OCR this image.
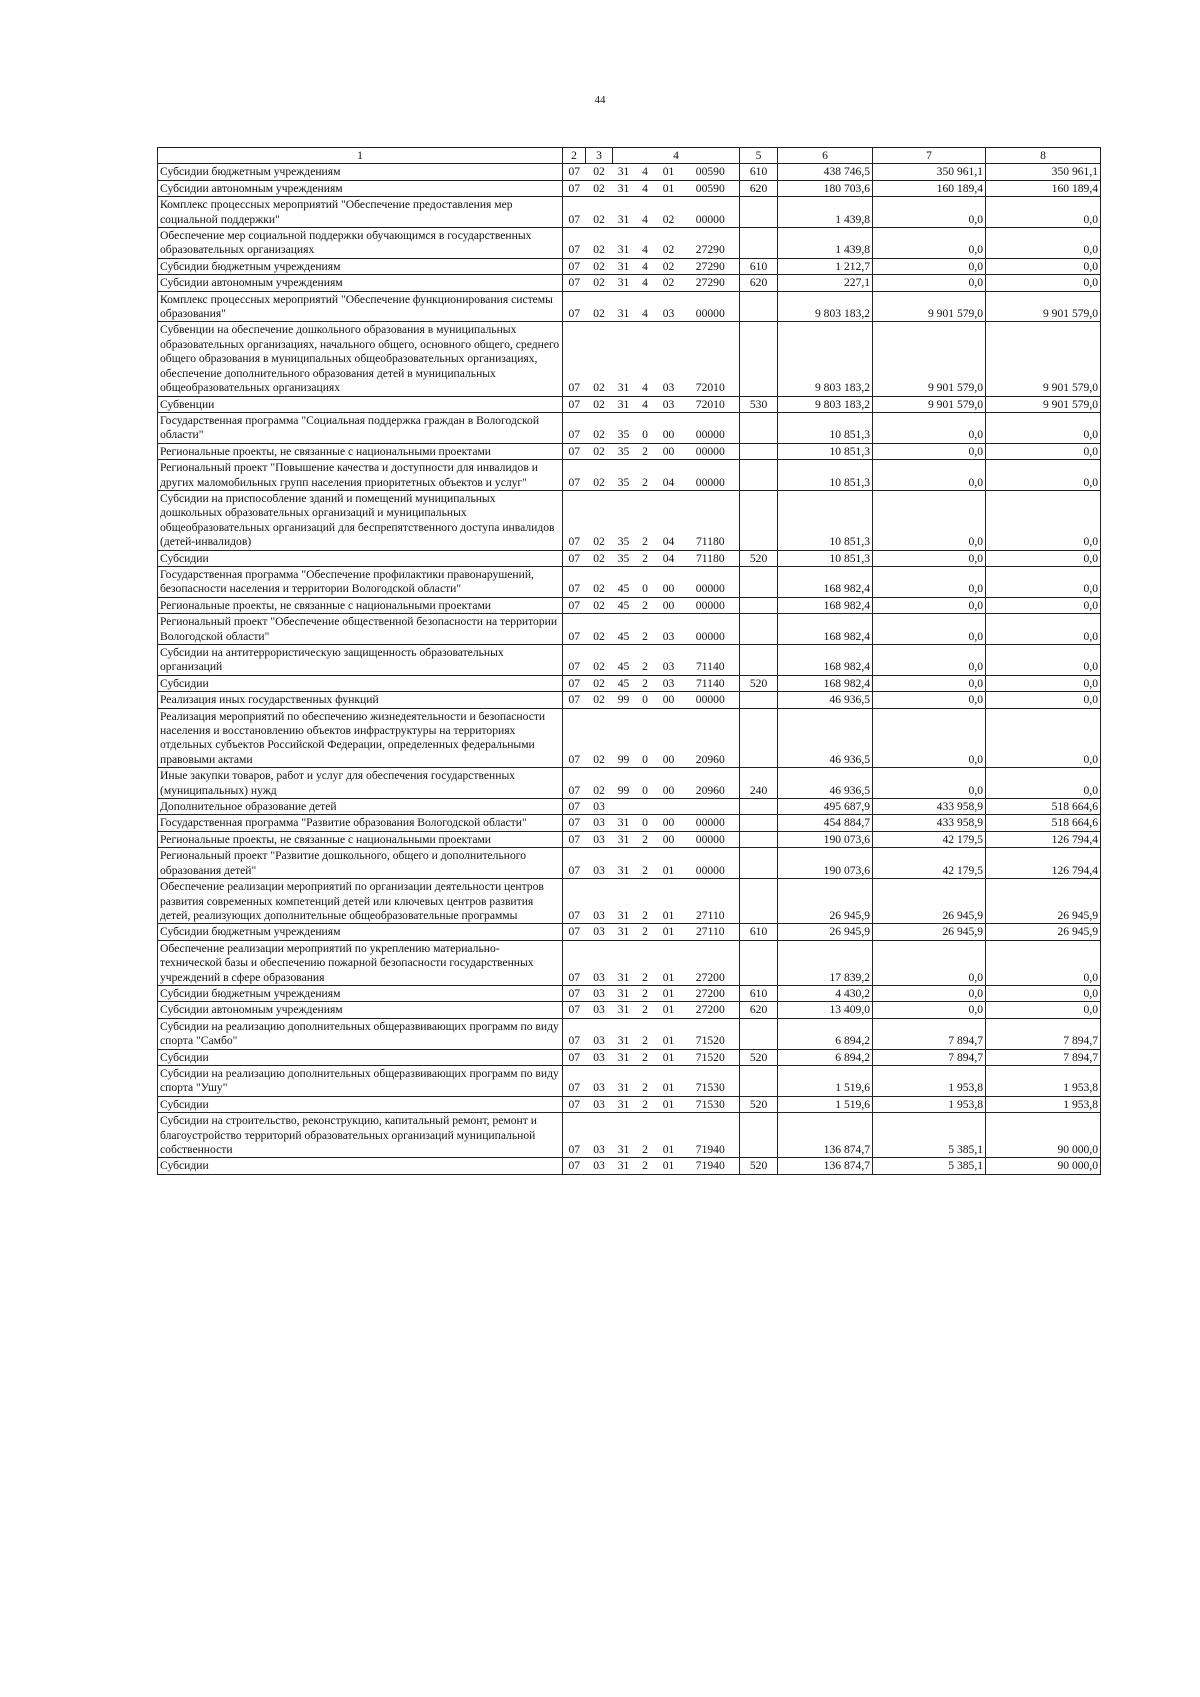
44
1	2	3	4				5	6	7	8
Субсидии бюджетным учреждениям	07	02	31	4	01	00590	610	438 746,5	350 961,1	350 961,1
Субсидии автономным учреждениям	07	02	31	4	01	00590	620	180 703,6	160 189,4	160 189,4
Комплекс процессных мероприятий "Обеспечение предоставления мер социальной поддержки"	07	02	31	4	02	00000		1 439,8	0,0	0,0
Обеспечение мер социальной поддержки обучающимся в государственных образовательных организациях	07	02	31	4	02	27290		1 439,8	0,0	0,0
Субсидии бюджетным учреждениям	07	02	31	4	02	27290	610	1 212,7	0,0	0,0
Субсидии автономным учреждениям	07	02	31	4	02	27290	620	227,1	0,0	0,0
Комплекс процессных мероприятий "Обеспечение функционирования системы образования"	07	02	31	4	03	00000		9 803 183,2	9 901 579,0	9 901 579,0
Субвенции на обеспечение дошкольного образования в муниципальных образовательных организациях, начального общего, основного общего, среднего общего образования в муниципальных общеобразовательных организациях, обеспечение дополнительного образования детей в муниципальных общеобразовательных организациях	07	02	31	4	03	72010		9 803 183,2	9 901 579,0	9 901 579,0
Субвенции	07	02	31	4	03	72010	530	9 803 183,2	9 901 579,0	9 901 579,0
Государственная программа "Социальная поддержка граждан в Вологодской области"	07	02	35	0	00	00000		10 851,3	0,0	0,0
Региональные проекты, не связанные с национальными проектами	07	02	35	2	00	00000		10 851,3	0,0	0,0
Региональный проект "Повышение качества и доступности для инвалидов и других маломобильных групп населения приоритетных объектов и услуг"	07	02	35	2	04	00000		10 851,3	0,0	0,0
Субсидии на приспособление зданий и помещений муниципальных дошкольных образовательных организаций и муниципальных общеобразовательных организаций для беспрепятственного доступа инвалидов (детей-инвалидов)	07	02	35	2	04	71180		10 851,3	0,0	0,0
Субсидии	07	02	35	2	04	71180	520	10 851,3	0,0	0,0
Государственная программа "Обеспечение профилактики правонарушений, безопасности населения и территории Вологодской области"	07	02	45	0	00	00000		168 982,4	0,0	0,0
Региональные проекты, не связанные с национальными проектами	07	02	45	2	00	00000		168 982,4	0,0	0,0
Региональный проект "Обеспечение общественной безопасности на территории Вологодской области"	07	02	45	2	03	00000		168 982,4	0,0	0,0
Субсидии на антитеррористическую защищенность образовательных организаций	07	02	45	2	03	71140		168 982,4	0,0	0,0
Субсидии	07	02	45	2	03	71140	520	168 982,4	0,0	0,0
Реализация иных государственных функций	07	02	99	0	00	00000		46 936,5	0,0	0,0
Реализация мероприятий по обеспечению жизнедеятельности и безопасности населения и восстановлению объектов инфраструктуры на территориях отдельных субъектов Российской Федерации, определенных федеральными правовыми актами	07	02	99	0	00	20960		46 936,5	0,0	0,0
Иные закупки товаров, работ и услуг для обеспечения государственных (муниципальных) нужд	07	02	99	0	00	20960	240	46 936,5	0,0	0,0
Дополнительное образование детей	07	03						495 687,9	433 958,9	518 664,6
Государственная программа "Развитие образования Вологодской области"	07	03	31	0	00	00000		454 884,7	433 958,9	518 664,6
Региональные проекты, не связанные с национальными проектами	07	03	31	2	00	00000		190 073,6	42 179,5	126 794,4
Региональный проект "Развитие дошкольного, общего и дополнительного образования детей"	07	03	31	2	01	00000		190 073,6	42 179,5	126 794,4
Обеспечение реализации мероприятий по организации деятельности центров развития современных компетенций детей или ключевых центров развития детей, реализующих дополнительные общеобразовательные программы	07	03	31	2	01	27110		26 945,9	26 945,9	26 945,9
Субсидии бюджетным учреждениям	07	03	31	2	01	27110	610	26 945,9	26 945,9	26 945,9
Обеспечение реализации мероприятий по укреплению материально-технической базы и обеспечению пожарной безопасности государственных учреждений в сфере образования	07	03	31	2	01	27200		17 839,2	0,0	0,0
Субсидии бюджетным учреждениям	07	03	31	2	01	27200	610	4 430,2	0,0	0,0
Субсидии автономным учреждениям	07	03	31	2	01	27200	620	13 409,0	0,0	0,0
Субсидии на реализацию дополнительных общеразвивающих программ по виду спорта "Самбо"	07	03	31	2	01	71520		6 894,2	7 894,7	7 894,7
Субсидии	07	03	31	2	01	71520	520	6 894,2	7 894,7	7 894,7
Субсидии на реализацию дополнительных общеразвивающих программ по виду спорта "Ушу"	07	03	31	2	01	71530		1 519,6	1 953,8	1 953,8
Субсидии	07	03	31	2	01	71530	520	1 519,6	1 953,8	1 953,8
Субсидии на строительство, реконструкцию, капитальный ремонт, ремонт и благоустройство территорий образовательных организаций муниципальной собственности	07	03	31	2	01	71940		136 874,7	5 385,1	90 000,0
Субсидии	07	03	31	2	01	71940	520	136 874,7	5 385,1	90 000,0
